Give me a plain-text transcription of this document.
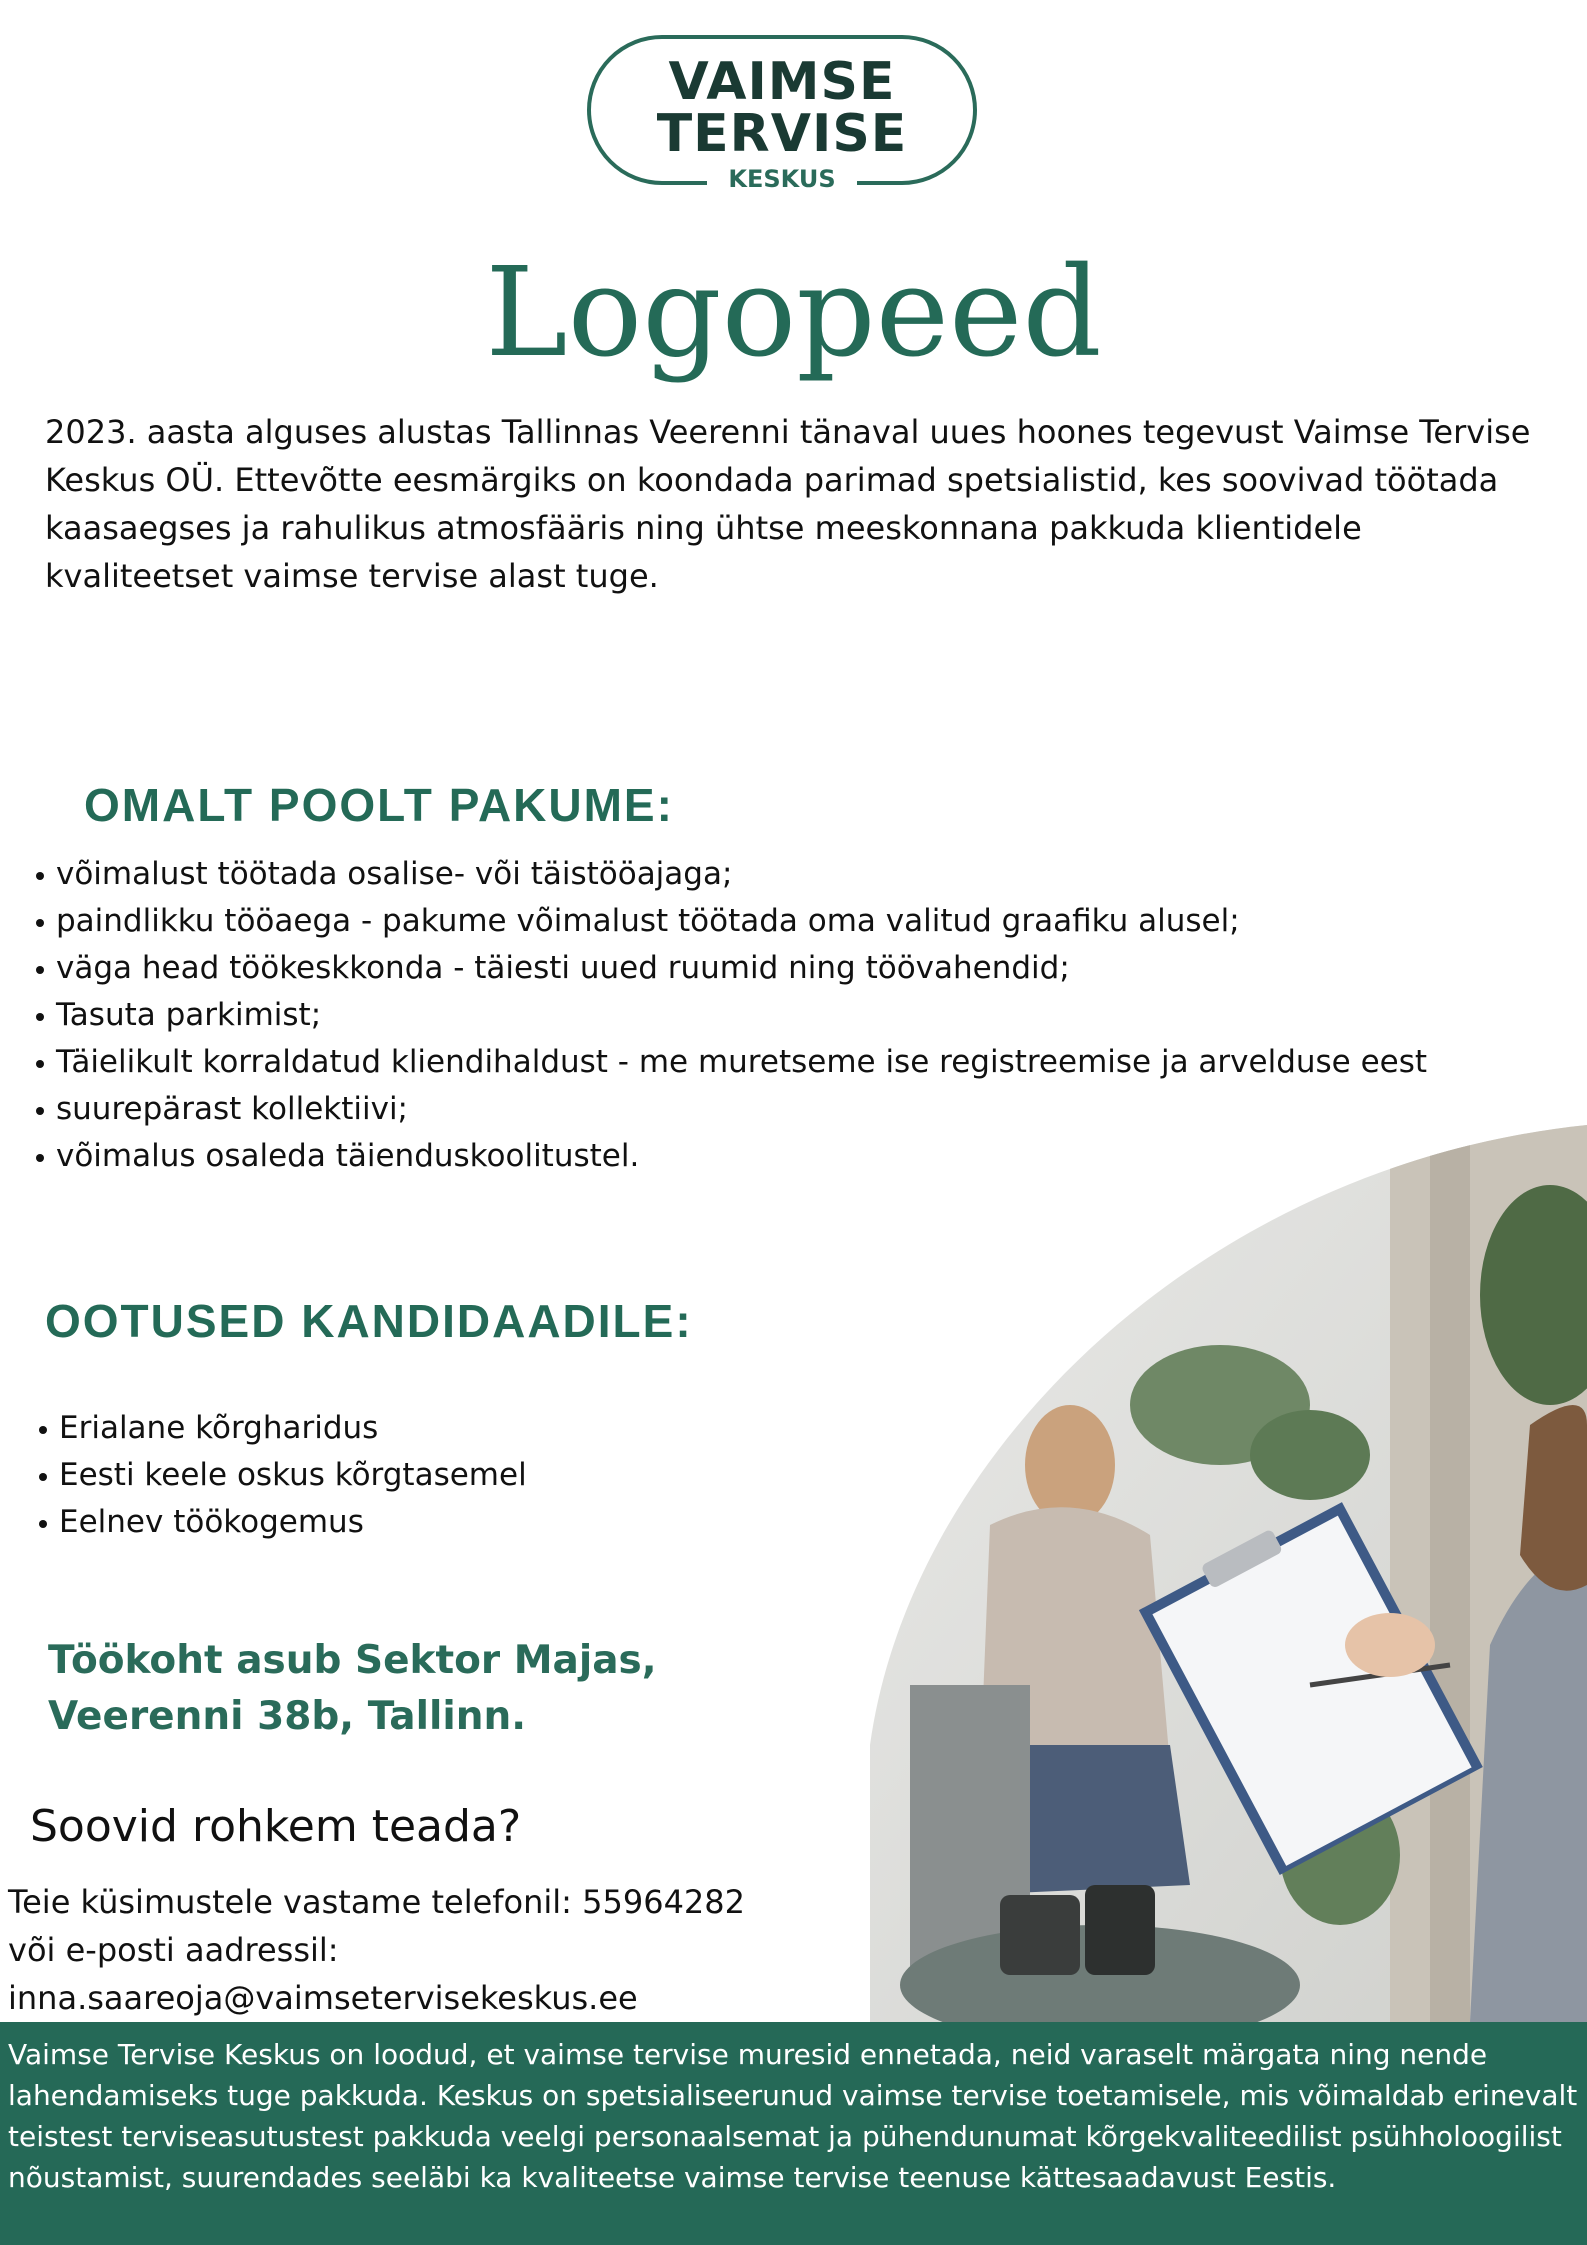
VAIMSE
TERVISE
KESKUS
Logopeed
2023. aasta alguses alustas Tallinnas Veerenni tänaval uues hoones tegevust Vaimse Tervise Keskus OÜ. Ettevõtte eesmärgiks on koondada parimad spetsialistid, kes soovivad töötada kaasaegses ja rahulikus atmosfääris ning ühtse meeskonnana pakkuda klientidele kvaliteetset vaimse tervise alast tuge.
OMALT POOLT PAKUME:
võimalust töötada osalise- või täistööajaga;
paindlikku tööaega - pakume võimalust töötada oma valitud graafiku alusel;
väga head töökeskkonda - täiesti uued ruumid ning töövahendid;
Tasuta parkimist;
Täielikult korraldatud kliendihaldust - me muretseme ise registreemise ja arvelduse eest
suurepärast kollektiivi;
võimalus osaleda täienduskoolitustel.
OOTUSED KANDIDAADILE:
Erialane kõrgharidus
Eesti keele oskus kõrgtasemel
Eelnev töökogemus
Töökoht asub Sektor Majas,
Veerenni 38b, Tallinn.
Soovid rohkem teada?
Teie küsimustele vastame telefonil: 55964282
või e-posti aadressil:
inna.saareoja@vaimsetervisekeskus.ee
Vaimse Tervise Keskus on loodud, et vaimse tervise muresid ennetada, neid varaselt märgata ning nende lahendamiseks tuge pakkuda. Keskus on spetsialiseerunud vaimse tervise toetamisele, mis võimaldab erinevalt teistest terviseasutustest pakkuda veelgi personaalsemat ja pühendunumat kõrgekvaliteedilist psühholoogilist nõustamist, suurendades seeläbi ka kvaliteetse vaimse tervise teenuse kättesaadavust Eestis.
